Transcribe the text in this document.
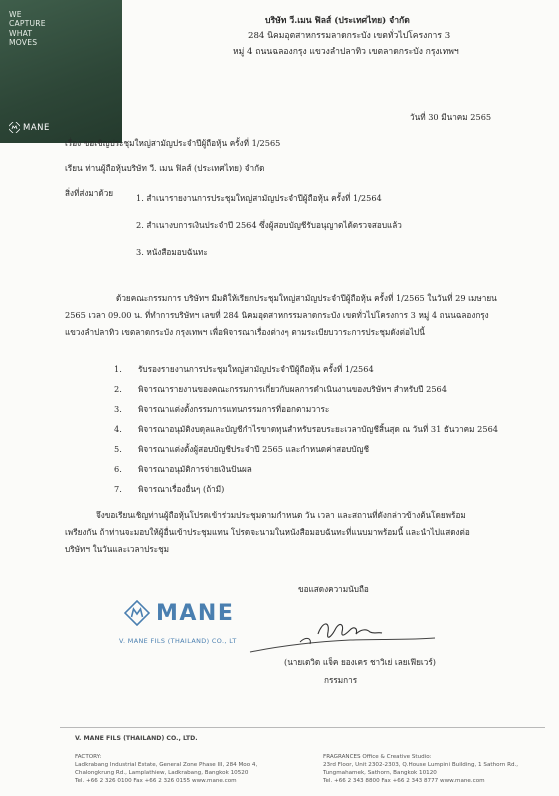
WE
CAPTURE
WHAT
MOVES
MANE
บริษัท วี.เมน ฟิลส์ (ประเทศไทย) จำกัด
284 นิคมอุตสาหกรรมลาดกระบัง เขตทั่วไปโครงการ 3
หมู่ 4 ถนนฉลองกรุง แขวงลำปลาทิว เขตลาดกระบัง กรุงเทพฯ
วันที่ 30 มีนาคม 2565
เรื่อง ขอเชิญประชุมใหญ่สามัญประจำปีผู้ถือหุ้น ครั้งที่ 1/2565
เรียน ท่านผู้ถือหุ้นบริษัท วี. เมน ฟิลส์ (ประเทศไทย) จำกัด
สิ่งที่ส่งมาด้วย	1. สำเนารายงานการประชุมใหญ่สามัญประจำปีผู้ถือหุ้น ครั้งที่ 1/2564
2. สำเนางบการเงินประจำปี 2564 ซึ่งผู้สอบบัญชีรับอนุญาตได้ตรวจสอบแล้ว
3. หนังสือมอบฉันทะ
ด้วยคณะกรรมการ บริษัทฯ มีมติให้เรียกประชุมใหญ่สามัญประจำปีผู้ถือหุ้น ครั้งที่ 1/2565 ในวันที่ 29 เมษายน
2565 เวลา 09.00 น. ที่ทำการบริษัทฯ เลขที่ 284 นิคมอุตสาหกรรมลาดกระบัง เขตทั่วไปโครงการ 3 หมู่ 4 ถนนฉลองกรุง
แขวงลำปลาทิว เขตลาดกระบัง กรุงเทพฯ เพื่อพิจารณาเรื่องต่างๆ ตามระเบียบวาระการประชุมดังต่อไปนี้
1. รับรองรายงานการประชุมใหญ่สามัญประจำปีผู้ถือหุ้น ครั้งที่ 1/2564
2. พิจารณารายงานของคณะกรรมการเกี่ยวกับผลการดำเนินงานของบริษัทฯ สำหรับปี 2564
3. พิจารณาแต่งตั้งกรรมการแทนกรรมการที่ออกตามวาระ
4. พิจารณาอนุมัติงบดุลและบัญชีกำไรขาดทุนสำหรับรอบระยะเวลาบัญชีสิ้นสุด ณ วันที่ 31 ธันวาคม 2564
5. พิจารณาแต่งตั้งผู้สอบบัญชีประจำปี 2565 และกำหนดค่าสอบบัญชี
6. พิจารณาอนุมัติการจ่ายเงินปันผล
7. พิจารณาเรื่องอื่นๆ (ถ้ามี)
จึงขอเรียนเชิญท่านผู้ถือหุ้นโปรดเข้าร่วมประชุมตามกำหนด วัน เวลา และสถานที่ดังกล่าวข้างต้นโดยพร้อม
เพรียงกัน ถ้าท่านจะมอบให้ผู้อื่นเข้าประชุมแทน โปรดจะนามในหนังสือมอบฉันทะที่แนบมาพร้อมนี้ และนำไปแสดงต่อ
บริษัทฯ ในวันและเวลาประชุม
ขอแสดงความนับถือ
MANE
V. MANE FILS (THAILAND) CO., LT
(นายเดวิด แจ็ค ยองเคร ชาวิเย่ เลยเฟียเวร์)
กรรมการ
V. MANE FILS (THAILAND) CO., LTD.
FACTORY:
Ladkrabang Industrial Estate, General Zone Phase III, 284 Moo 4,
Chalongkrung Rd., Lamplathiew, Ladkrabang, Bangkok 10520
Tel. +66 2 326 0100 Fax +66 2 326 0155 www.mane.com
FRAGRANCES Office & Creative Studio:
23rd Floor, Unit 2302-2303, Q.House Lumpini Building, 1 Sathorn Rd.,
Tungmahamek, Sathorn, Bangkok 10120
Tel. +66 2 343 8800 Fax +66 2 343 8777 www.mane.com
